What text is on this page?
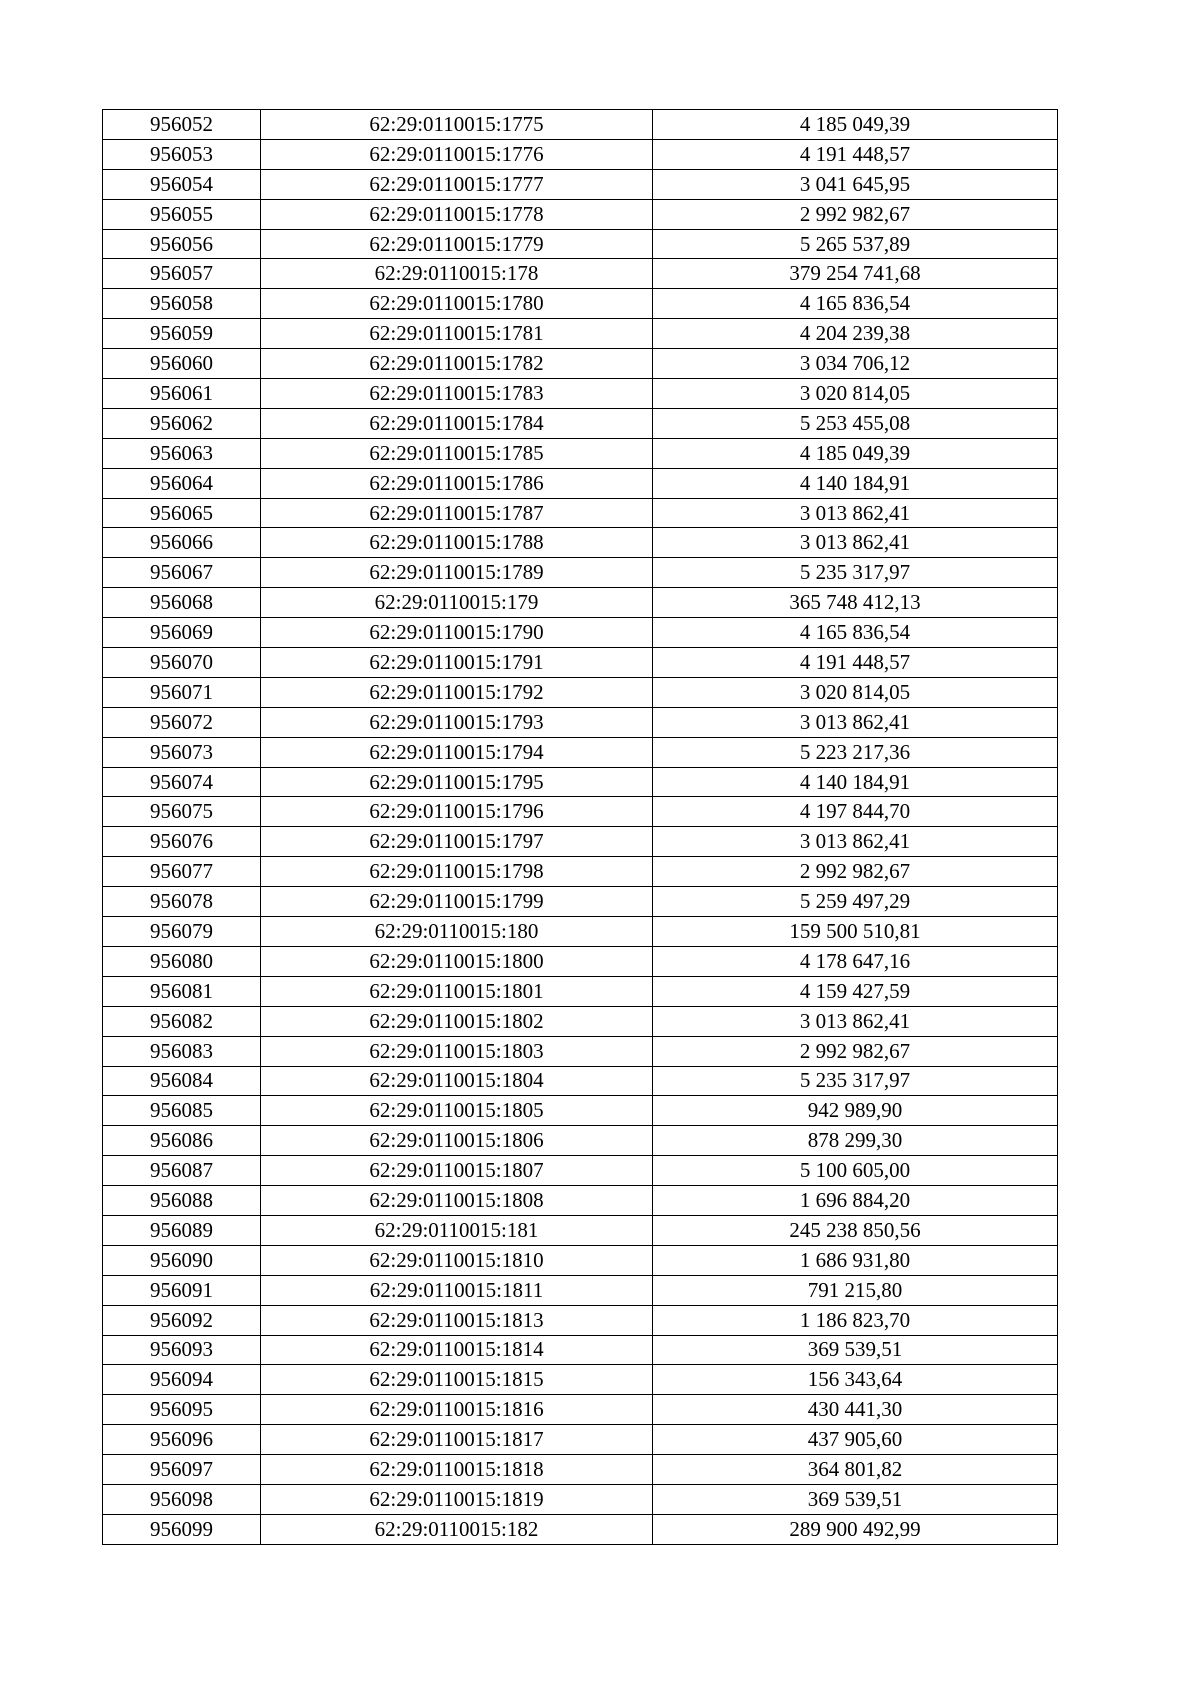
956052	62:29:0110015:1775	4 185 049,39
956053	62:29:0110015:1776	4 191 448,57
956054	62:29:0110015:1777	3 041 645,95
956055	62:29:0110015:1778	2 992 982,67
956056	62:29:0110015:1779	5 265 537,89
956057	62:29:0110015:178	379 254 741,68
956058	62:29:0110015:1780	4 165 836,54
956059	62:29:0110015:1781	4 204 239,38
956060	62:29:0110015:1782	3 034 706,12
956061	62:29:0110015:1783	3 020 814,05
956062	62:29:0110015:1784	5 253 455,08
956063	62:29:0110015:1785	4 185 049,39
956064	62:29:0110015:1786	4 140 184,91
956065	62:29:0110015:1787	3 013 862,41
956066	62:29:0110015:1788	3 013 862,41
956067	62:29:0110015:1789	5 235 317,97
956068	62:29:0110015:179	365 748 412,13
956069	62:29:0110015:1790	4 165 836,54
956070	62:29:0110015:1791	4 191 448,57
956071	62:29:0110015:1792	3 020 814,05
956072	62:29:0110015:1793	3 013 862,41
956073	62:29:0110015:1794	5 223 217,36
956074	62:29:0110015:1795	4 140 184,91
956075	62:29:0110015:1796	4 197 844,70
956076	62:29:0110015:1797	3 013 862,41
956077	62:29:0110015:1798	2 992 982,67
956078	62:29:0110015:1799	5 259 497,29
956079	62:29:0110015:180	159 500 510,81
956080	62:29:0110015:1800	4 178 647,16
956081	62:29:0110015:1801	4 159 427,59
956082	62:29:0110015:1802	3 013 862,41
956083	62:29:0110015:1803	2 992 982,67
956084	62:29:0110015:1804	5 235 317,97
956085	62:29:0110015:1805	942 989,90
956086	62:29:0110015:1806	878 299,30
956087	62:29:0110015:1807	5 100 605,00
956088	62:29:0110015:1808	1 696 884,20
956089	62:29:0110015:181	245 238 850,56
956090	62:29:0110015:1810	1 686 931,80
956091	62:29:0110015:1811	791 215,80
956092	62:29:0110015:1813	1 186 823,70
956093	62:29:0110015:1814	369 539,51
956094	62:29:0110015:1815	156 343,64
956095	62:29:0110015:1816	430 441,30
956096	62:29:0110015:1817	437 905,60
956097	62:29:0110015:1818	364 801,82
956098	62:29:0110015:1819	369 539,51
956099	62:29:0110015:182	289 900 492,99
